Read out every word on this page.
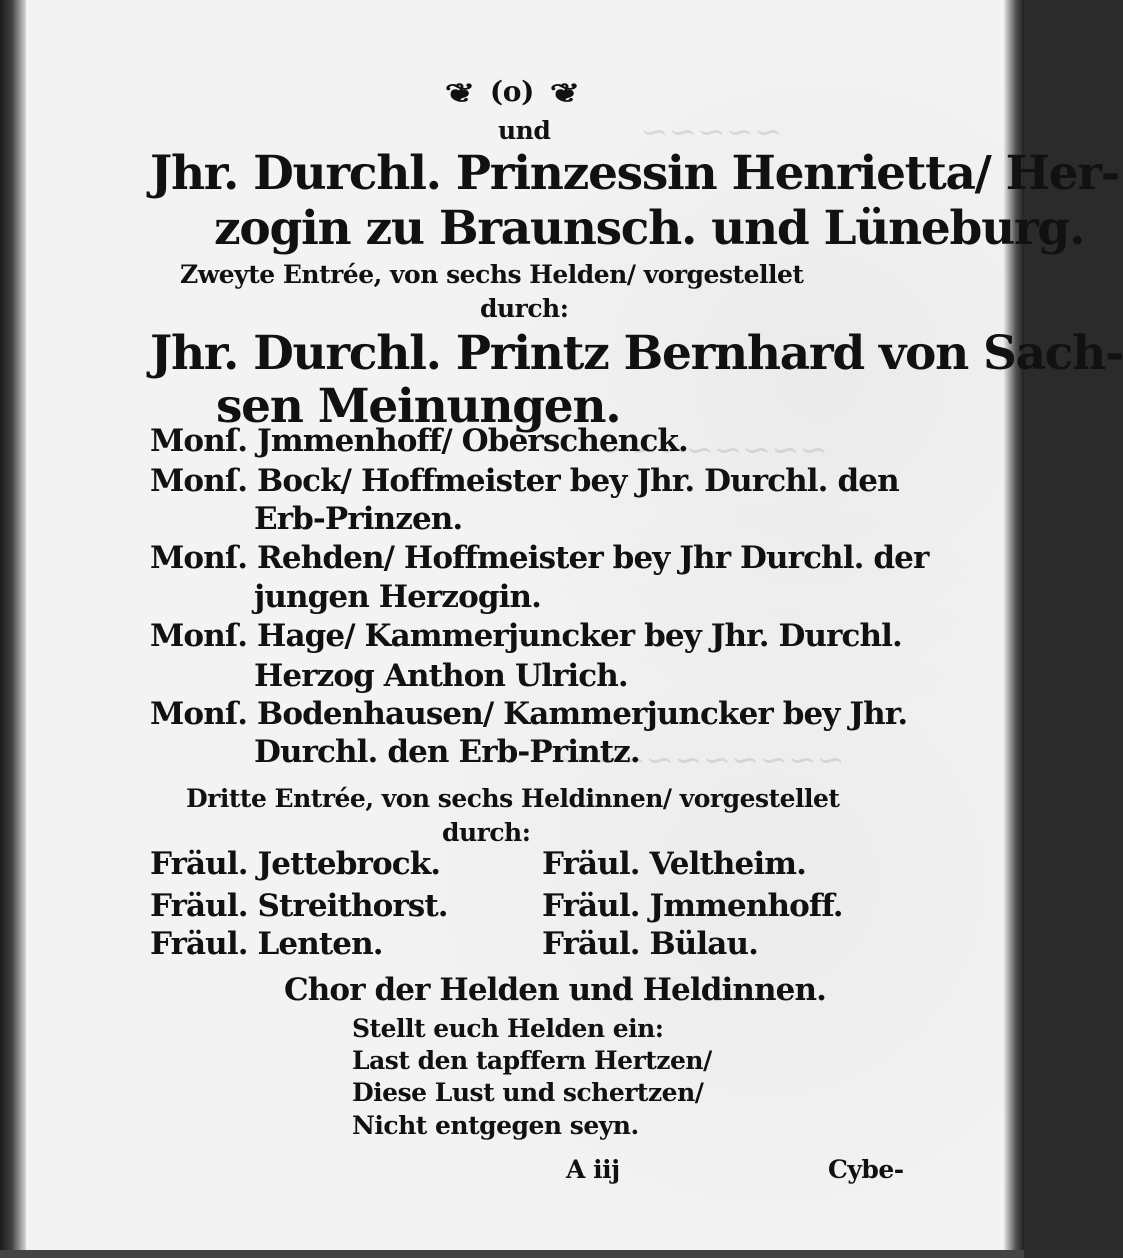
~~~~~
~~~~~~~~
~~~~~~~~~~
❦ (o) ❦
und
Jhr. Durchl. Prinzessin Henrietta/ Her-
zogin zu Braunsch. und Lüneburg.
Zweyte Entrée, von sechs Helden/ vorgestellet
durch:
Jhr. Durchl. Printz Bernhard von Sach-
sen Meinungen.
Monſ. Jmmenhoff/ Oberschenck.
Monſ. Bock/ Hoffmeister bey Jhr. Durchl. den
Erb-Prinzen.
Monſ. Rehden/ Hoffmeister bey Jhr Durchl. der
jungen Herzogin.
Monſ. Hage/ Kammerjuncker bey Jhr. Durchl.
Herzog Anthon Ulrich.
Monſ. Bodenhausen/ Kammerjuncker bey Jhr.
Durchl. den Erb-Printz.
Dritte Entrée, von sechs Heldinnen/ vorgestellet
durch:
Fräul. Jettebrock.	Fräul. Veltheim.
Fräul. Streithorst.	Fräul. Jmmenhoff.
Fräul. Lenten.	Fräul. Bülau.
Chor der Helden und Heldinnen.
Stellt euch Helden ein:
Last den tapffern Hertzen/
Diese Lust und schertzen/
Nicht entgegen seyn.
A iij	Cybe-
